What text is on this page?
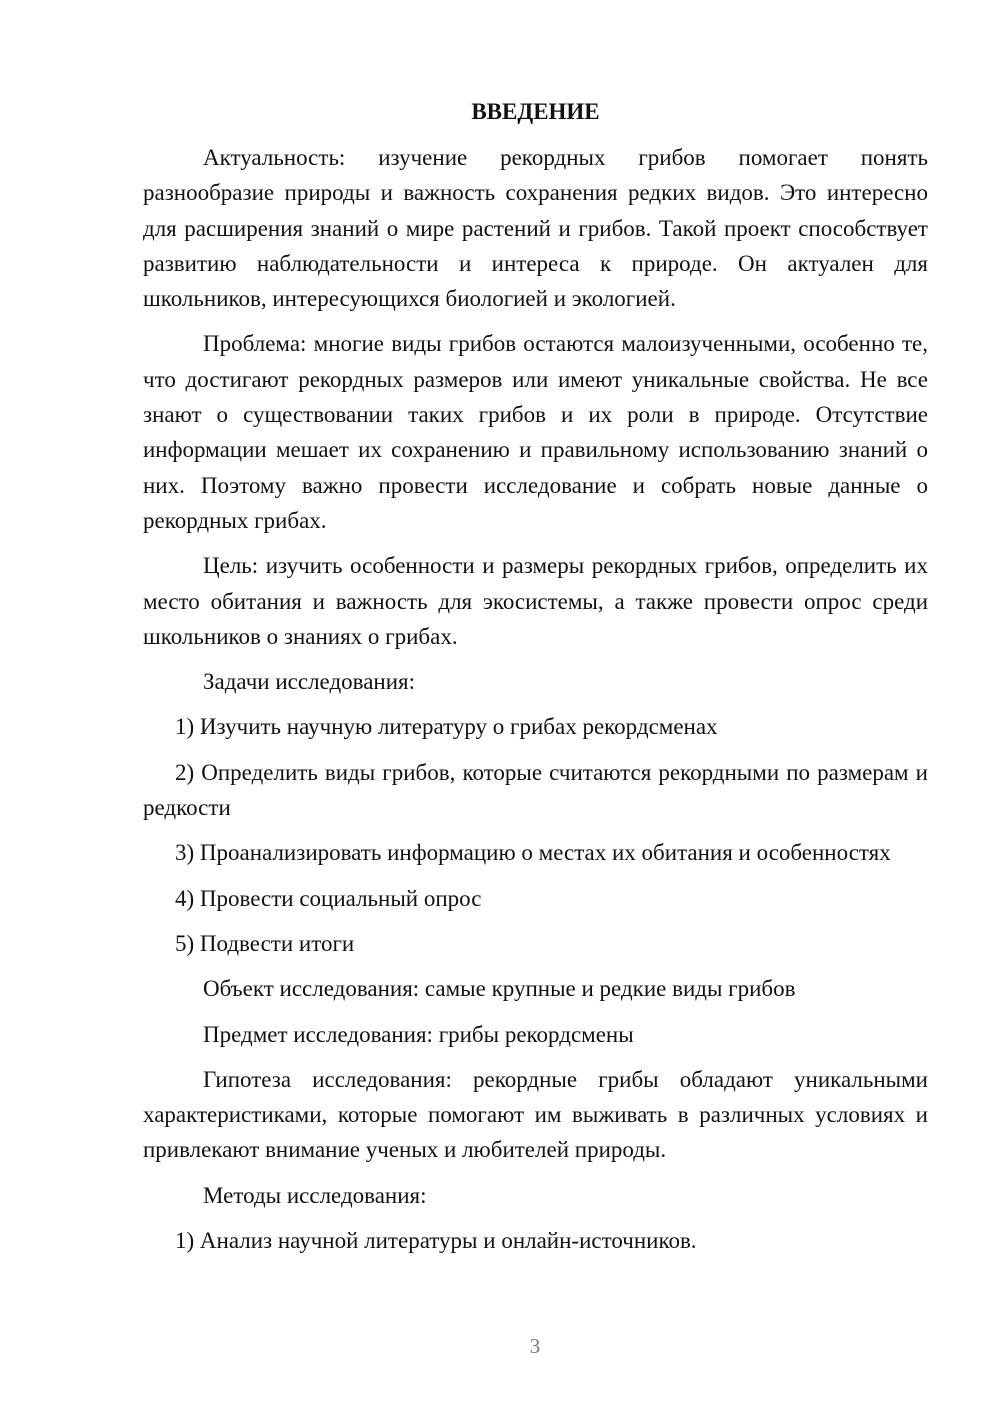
ВВЕДЕНИЕ

Актуальность: изучение рекордных грибов помогает понять разнообразие природы и важность сохранения редких видов. Это интересно для расширения знаний о мире растений и грибов. Такой проект способствует развитию наблюдательности и интереса к природе. Он актуален для школьников, интересующихся биологией и экологией.

Проблема: многие виды грибов остаются малоизученными, особенно те, что достигают рекордных размеров или имеют уникальные свойства. Не все знают о существовании таких грибов и их роли в природе. Отсутствие информации мешает их сохранению и правильному использованию знаний о них. Поэтому важно провести исследование и собрать новые данные о рекордных грибах.

Цель: изучить особенности и размеры рекордных грибов, определить их место обитания и важность для экосистемы, а также провести опрос среди школьников о знаниях о грибах.

Задачи исследования:

1) Изучить научную литературу о грибах рекордсменах

2) Определить виды грибов, которые считаются рекордными по размерам и редкости

3) Проанализировать информацию о местах их обитания и особенностях

4) Провести социальный опрос

5) Подвести итоги

Объект исследования: самые крупные и редкие виды грибов

Предмет исследования: грибы рекордсмены

Гипотеза исследования: рекордные грибы обладают уникальными характеристиками, которые помогают им выживать в различных условиях и привлекают внимание ученых и любителей природы.

Методы исследования:

1) Анализ научной литературы и онлайн-источников.

3
